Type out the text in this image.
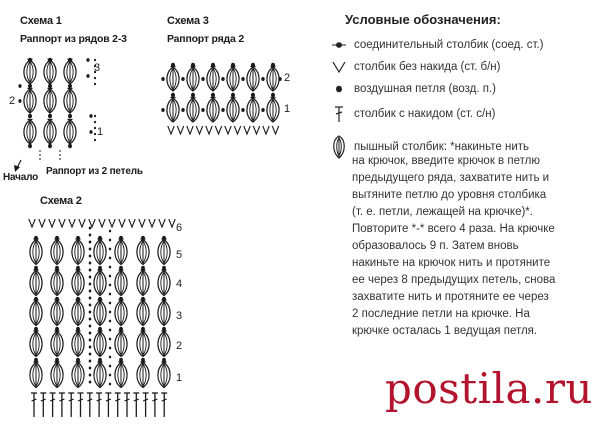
Схема 1
Раппорт из рядов 2-3
3
2
1
Начало
Раппорт из 2 петель
Схема 3
Раппорт ряда 2
2
1
Схема 2
6
5
4
3
2
1
Условные обозначения:
соединительный столбик (соед. ст.)
столбик без накида (ст. б/н)
воздушная петля (возд. п.)
столбик с накидом (ст. с/н)
пышный столбик: *накиньте нить

на крючок, введите крючок в петлю

предыдущего ряда, захватите нить и

вытяните петлю до уровня столбика

(т. е. петли, лежащей на крючке)*.

Повторите *-* всего 4 раза. На крючке

образовалось 9 п. Затем вновь

накиньте на крючок нить и протяните

ее через 8 предыдущих петель, снова

захватите нить и протяните ее через

2 последние петли на крючке. На

крючке осталась 1 ведущая петля.

postila.ru
